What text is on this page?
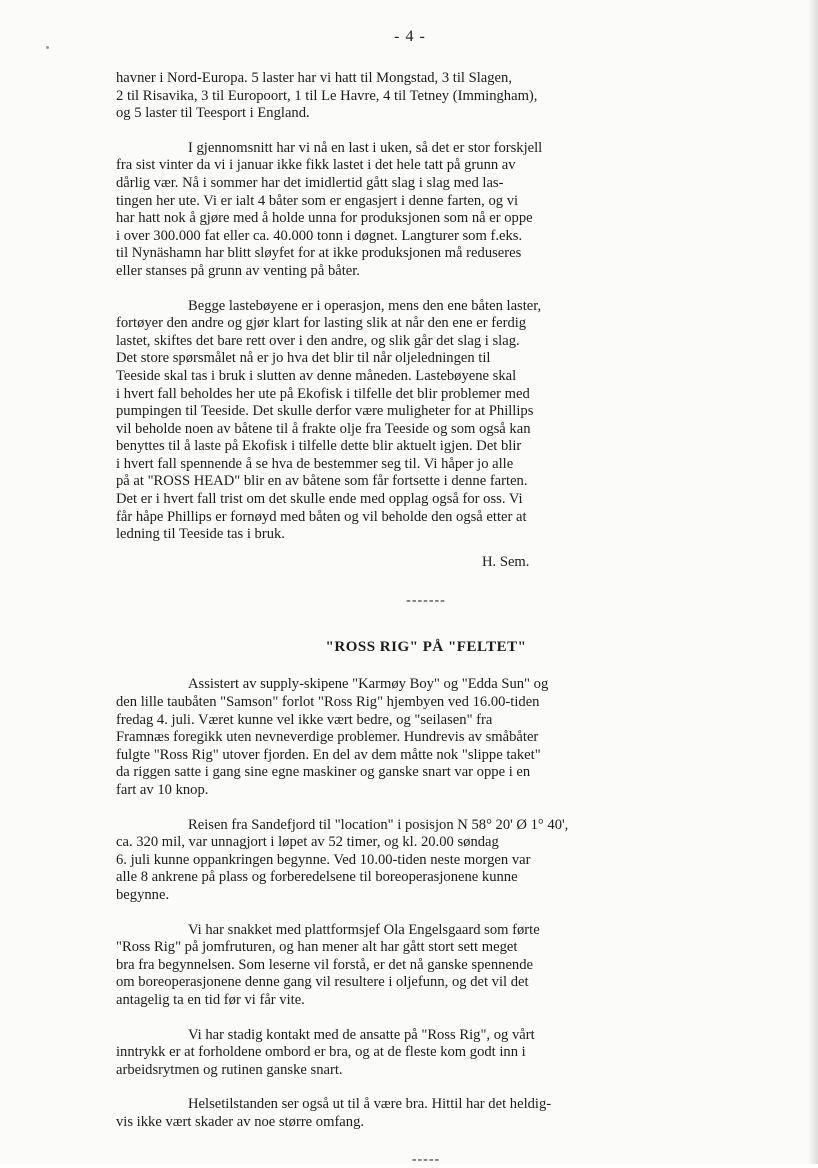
- 4 -
havner i Nord-Europa. 5 laster har vi hatt til Mongstad, 3 til Slagen,
2 til Risavika, 3 til Europoort, 1 til Le Havre, 4 til Tetney (Immingham),
og 5 laster til Teesport i England.
I gjennomsnitt har vi nå en last i uken, så det er stor forskjell
fra sist vinter da vi i januar ikke fikk lastet i det hele tatt på grunn av
dårlig vær. Nå i sommer har det imidlertid gått slag i slag med las-
tingen her ute. Vi er ialt 4 båter som er engasjert i denne farten, og vi
har hatt nok å gjøre med å holde unna for produksjonen som nå er oppe
i over 300.000 fat eller ca. 40.000 tonn i døgnet. Langturer som f.eks.
til Nynäshamn har blitt sløyfet for at ikke produksjonen må reduseres
eller stanses på grunn av venting på båter.
Begge lastebøyene er i operasjon, mens den ene båten laster,
fortøyer den andre og gjør klart for lasting slik at når den ene er ferdig
lastet, skiftes det bare rett over i den andre, og slik går det slag i slag.
Det store spørsmålet nå er jo hva det blir til når oljeledningen til
Teeside skal tas i bruk i slutten av denne måneden. Lastebøyene skal
i hvert fall beholdes her ute på Ekofisk i tilfelle det blir problemer med
pumpingen til Teeside. Det skulle derfor være muligheter for at Phillips
vil beholde noen av båtene til å frakte olje fra Teeside og som også kan
benyttes til å laste på Ekofisk i tilfelle dette blir aktuelt igjen. Det blir
i hvert fall spennende å se hva de bestemmer seg til. Vi håper jo alle
på at "ROSS HEAD" blir en av båtene som får fortsette i denne farten.
Det er i hvert fall trist om det skulle ende med opplag også for oss. Vi
får håpe Phillips er fornøyd med båten og vil beholde den også etter at
ledning til Teeside tas i bruk.
H. Sem.
-------
"ROSS RIG" PÅ "FELTET"
Assistert av supply-skipene "Karmøy Boy" og "Edda Sun" og
den lille taubåten "Samson" forlot "Ross Rig" hjembyen ved 16.00-tiden
fredag 4. juli. Været kunne vel ikke vært bedre, og "seilasen" fra
Framnæs foregikk uten nevneverdige problemer. Hundrevis av småbåter
fulgte "Ross Rig" utover fjorden. En del av dem måtte nok "slippe taket"
da riggen satte i gang sine egne maskiner og ganske snart var oppe i en
fart av 10 knop.
Reisen fra Sandefjord til "location" i posisjon N 58° 20' Ø 1° 40',
ca. 320 mil, var unnagjort i løpet av 52 timer, og kl. 20.00 søndag
6. juli kunne oppankringen begynne. Ved 10.00-tiden neste morgen var
alle 8 ankrene på plass og forberedelsene til boreoperasjonene kunne
begynne.
Vi har snakket med plattformsjef Ola Engelsgaard som førte
"Ross Rig" på jomfruturen, og han mener alt har gått stort sett meget
bra fra begynnelsen. Som leserne vil forstå, er det nå ganske spennende
om boreoperasjonene denne gang vil resultere i oljefunn, og det vil det
antagelig ta en tid før vi får vite.
Vi har stadig kontakt med de ansatte på "Ross Rig", og vårt
inntrykk er at forholdene ombord er bra, og at de fleste kom godt inn i
arbeidsrytmen og rutinen ganske snart.
Helsetilstanden ser også ut til å være bra. Hittil har det heldig-
vis ikke vært skader av noe større omfang.
-----
